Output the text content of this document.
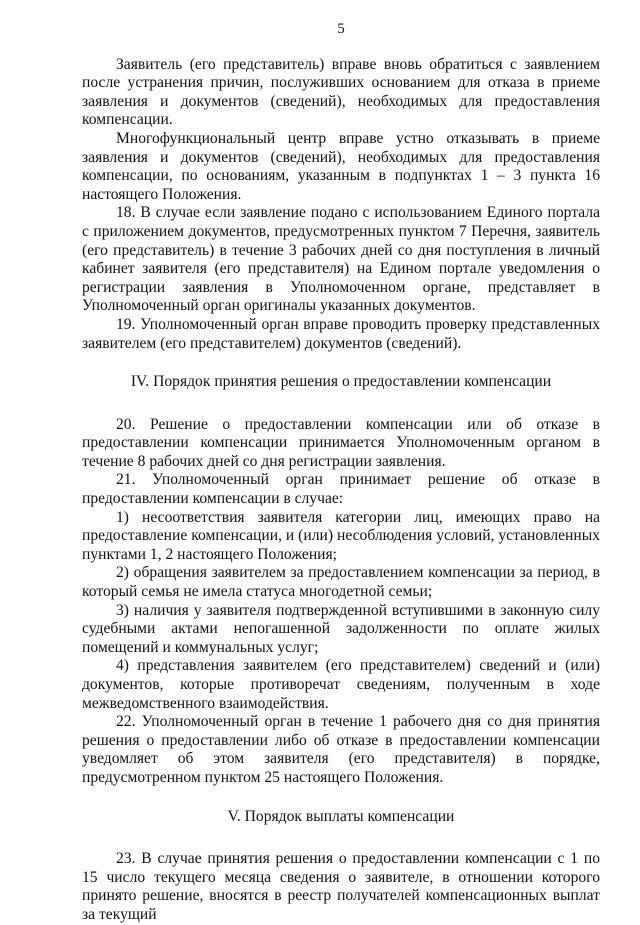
5

Заявитель (его представитель) вправе вновь обратиться с заявлением после устранения причин, послуживших основанием для отказа в приеме заявления и документов (сведений), необходимых для предоставления компенсации.

Многофункциональный центр вправе устно отказывать в приеме заявления и документов (сведений), необходимых для предоставления компенсации, по основаниям, указанным в подпунктах 1 – 3 пункта 16 настоящего Положения.

18. В случае если заявление подано с использованием Единого портала с приложением документов, предусмотренных пунктом 7 Перечня, заявитель (его представитель) в течение 3 рабочих дней со дня поступления в личный кабинет заявителя (его представителя) на Едином портале уведомления о регистрации заявления в Уполномоченном органе, представляет в Уполномоченный орган оригиналы указанных документов.

19. Уполномоченный орган вправе проводить проверку представленных заявителем (его представителем) документов (сведений).

IV. Порядок принятия решения о предоставлении компенсации

20. Решение о предоставлении компенсации или об отказе в предоставлении компенсации принимается Уполномоченным органом в течение 8 рабочих дней со дня регистрации заявления.

21. Уполномоченный орган принимает решение об отказе в предоставлении компенсации в случае:

1) несоответствия заявителя категории лиц, имеющих право на предоставление компенсации, и (или) несоблюдения условий, установленных пунктами 1, 2 настоящего Положения;

2) обращения заявителем за предоставлением компенсации за период, в который семья не имела статуса многодетной семьи;

3) наличия у заявителя подтвержденной вступившими в законную силу судебными актами непогашенной задолженности по оплате жилых помещений и коммунальных услуг;

4) представления заявителем (его представителем) сведений и (или) документов, которые противоречат сведениям, полученным в ходе межведомственного взаимодействия.

22. Уполномоченный орган в течение 1 рабочего дня со дня принятия решения о предоставлении либо об отказе в предоставлении компенсации уведомляет об этом заявителя (его представителя) в порядке, предусмотренном пунктом 25 настоящего Положения.

V. Порядок выплаты компенсации

23. В случае принятия решения о предоставлении компенсации с 1 по 15 число текущего месяца сведения о заявителе, в отношении которого принято решение, вносятся в реестр получателей компенсационных выплат за текущий
